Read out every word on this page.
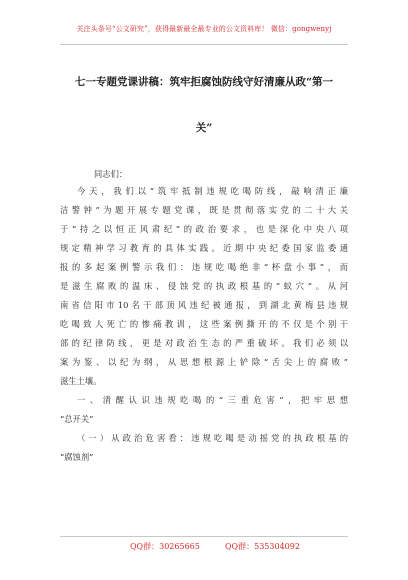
关注头条号“公文研究”，获得最新最全最专业的公文资料库！ 微信：gongwenyj
七一专题党课讲稿：筑牢拒腐蚀防线守好清廉从政“第一
关”
同志们：
今天，我们以“筑牢抵制违规吃喝防线，敲响清正廉
洁警钟”为题开展专题党课，既是贯彻落实党的二十大关
于“持之以恒正风肃纪”的政治要求，也是深化中央八项
规定精神学习教育的具体实践。近期中央纪委国家监委通
报的多起案例警示我们：违规吃喝绝非“杯盘小事”，而
是滋生腐败的温床、侵蚀党的执政根基的“蚁穴”。从河
南省信阳市10名干部顶风违纪被通报，到湖北黄梅县违规
吃喝致人死亡的惨痛教训，这些案例撕开的不仅是个别干
部的纪律防线，更是对政治生态的严重破坏。我们必须以
案为鉴、以纪为纲，从思想根源上铲除“舌尖上的腐败”
滋生土壤。
一、清醒认识违规吃喝的“三重危害”，把牢思想
“总开关”
（一）从政治危害看：违规吃喝是动摇党的执政根基的
“腐蚀剂”
QQ群：30265665	QQ群：535304092
